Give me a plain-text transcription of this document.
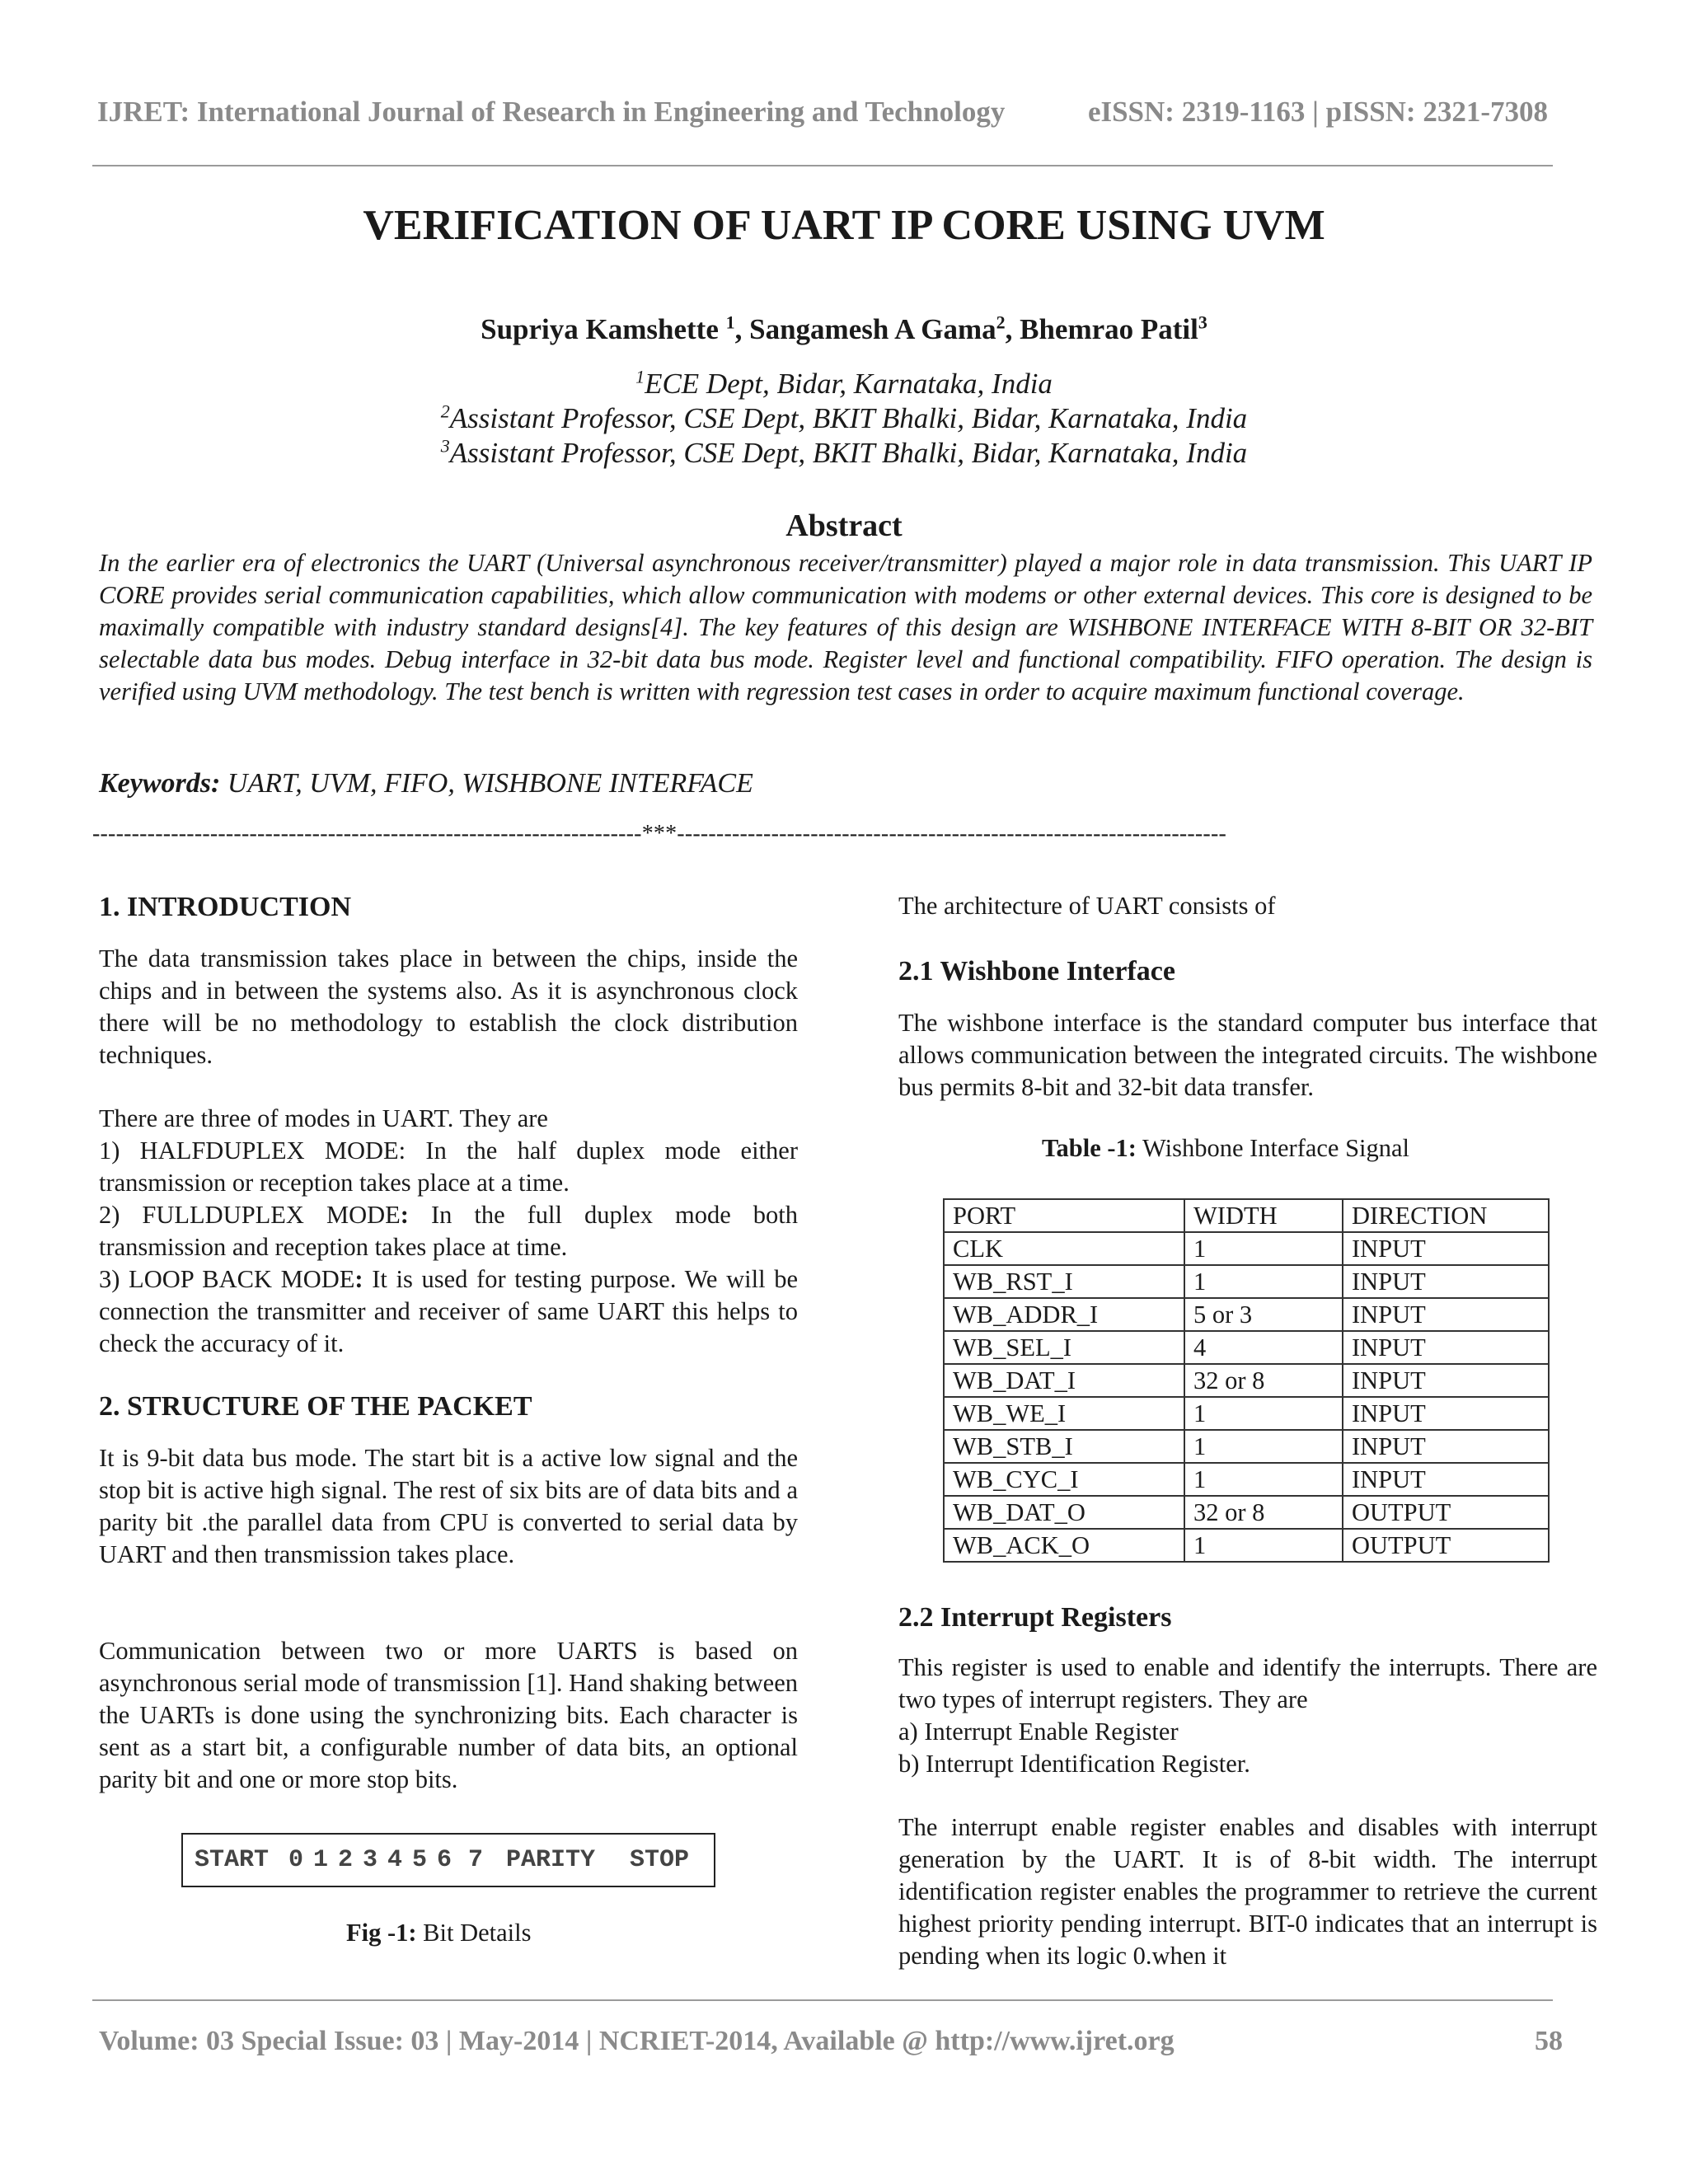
IJRET: International Journal of Research in Engineering and Technology	eISSN: 2319-1163 | pISSN: 2321-7308
VERIFICATION OF UART IP CORE USING UVM
Supriya Kamshette $^1$, Sangamesh A Gama$^2$, Bhemrao Patil$^3$
$^1$ECE Dept, Bidar, Karnataka, India
$^2$Assistant Professor, CSE Dept, BKIT Bhalki, Bidar, Karnataka, India
$^3$Assistant Professor, CSE Dept, BKIT Bhalki, Bidar, Karnataka, India
Abstract
In the earlier era of electronics the UART (Universal asynchronous receiver/transmitter) played a major role in data transmission. This UART IP CORE provides serial communication capabilities, which allow communication with modems or other external devices. This core is designed to be maximally compatible with industry standard designs[4]. The key features of this design are WISHBONE INTERFACE WITH 8-BIT OR 32-BIT selectable data bus modes. Debug interface in 32-bit data bus mode. Register level and functional compatibility. FIFO operation. The design is verified using UVM methodology. The test bench is written with regression test cases in order to acquire maximum functional coverage.
Keywords: UART, UVM, FIFO, WISHBONE INTERFACE
----------------------------------------------------------------------***----------------------------------------------------------------------
1. INTRODUCTION
The data transmission takes place in between the chips, inside the chips and in between the systems also. As it is asynchronous clock there will be no methodology to establish the clock distribution techniques.

There are three of modes in UART. They are

1) HALFDUPLEX MODE: In the half duplex mode either transmission or reception takes place at a time.

2) FULLDUPLEX MODE: In the full duplex mode both transmission and reception takes place at time.

3) LOOP BACK MODE: It is used for testing purpose. We will be connection the transmitter and receiver of same UART this helps to check the accuracy of it.

2. STRUCTURE OF THE PACKET
It is 9-bit data bus mode. The start bit is a active low signal and the stop bit is active high signal. The rest of six bits are of data bits and a parity bit .the parallel data from CPU is converted to serial data by UART and then transmission takes place.
Communication between two or more UARTS is based on asynchronous serial mode of transmission [1]. Hand shaking between the UARTs is done using the synchronizing bits. Each character is sent as a start bit, a configurable number of data bits, an optional parity bit and one or more stop bits.
START 0 1 2 3 4 5 6 7 PARITY STOP
Fig -1: Bit Details
The architecture of UART consists of
2.1 Wishbone Interface
The wishbone interface is the standard computer bus interface that allows communication between the integrated circuits. The wishbone bus permits 8-bit and 32-bit data transfer.
Table -1: Wishbone Interface Signal
PORT	WIDTH	DIRECTION
CLK	1	INPUT
WB_RST_I	1	INPUT
WB_ADDR_I	5 or 3	INPUT
WB_SEL_I	4	INPUT
WB_DAT_I	32 or 8	INPUT
WB_WE_I	1	INPUT
WB_STB_I	1	INPUT
WB_CYC_I	1	INPUT
WB_DAT_O	32 or 8	OUTPUT
WB_ACK_O	1	OUTPUT
2.2 Interrupt Registers

This register is used to enable and identify the interrupts. There are two types of interrupt registers. They are

a) Interrupt Enable Register

b) Interrupt Identification Register.

The interrupt enable register enables and disables with interrupt generation by the UART. It is of 8-bit width. The interrupt identification register enables the programmer to retrieve the current highest priority pending interrupt. BIT-0 indicates that an interrupt is pending when its logic 0.when it
Volume: 03 Special Issue: 03 | May-2014 | NCRIET-2014, Available @ http://www.ijret.org	58
